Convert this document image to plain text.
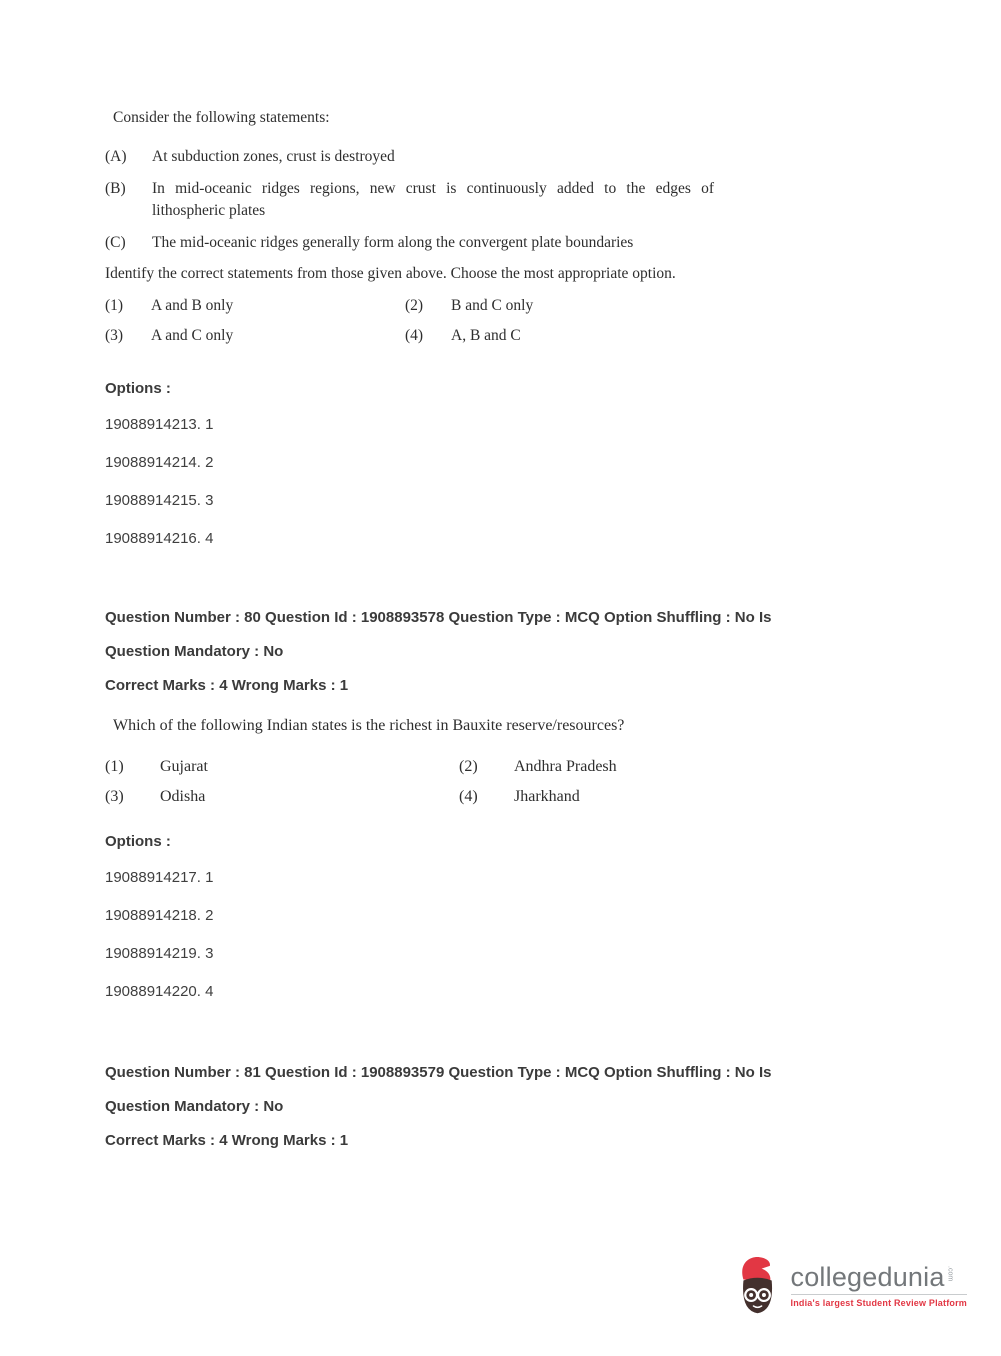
Consider the following statements:
(A)	At subduction zones, crust is destroyed
(B)	In mid-oceanic ridges regions, new crust is continuously added to the edges of lithospheric plates
(C)	The mid-oceanic ridges generally form along the convergent plate boundaries
Identify the correct statements from those given above. Choose the most appropriate option.
(1)	A and B only	(2)	B and C only
(3)	A and C only	(4)	A, B and C
Options :
19088914213. 1
19088914214. 2
19088914215. 3
19088914216. 4
Question Number : 80 Question Id : 1908893578 Question Type : MCQ Option Shuffling : No Is
Question Mandatory : No
Correct Marks : 4 Wrong Marks : 1
Which of the following Indian states is the richest in Bauxite reserve/resources?
(1)	Gujarat	(2)	Andhra Pradesh
(3)	Odisha	(4)	Jharkhand
Options :
19088914217. 1
19088914218. 2
19088914219. 3
19088914220. 4
Question Number : 81 Question Id : 1908893579 Question Type : MCQ Option Shuffling : No Is
Question Mandatory : No
Correct Marks : 4 Wrong Marks : 1
collegedunia .com
India's largest Student Review Platform
